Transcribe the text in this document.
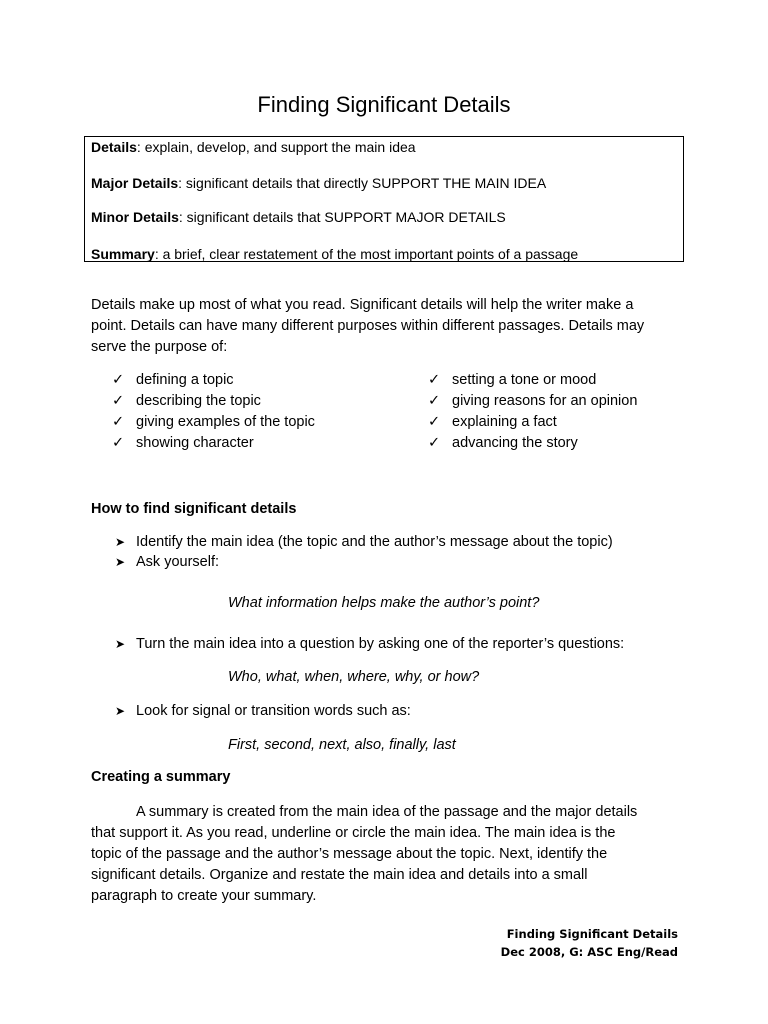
Finding Significant Details
Details: explain, develop, and support the main idea
Major Details: significant details that directly SUPPORT THE MAIN IDEA
Minor Details: significant details that SUPPORT MAJOR DETAILS
Summary: a brief, clear restatement of the most important points of a passage
Details make up most of what you read. Significant details will help the writer make a
point. Details can have many different purposes within different passages. Details may
serve the purpose of:
✓ defining a topic
✓ describing the topic
✓ giving examples of the topic
✓ showing character
✓ setting a tone or mood
✓ giving reasons for an opinion
✓ explaining a fact
✓ advancing the story
How to find significant details
➤ Identify the main idea (the topic and the author’s message about the topic)
➤ Ask yourself:
What information helps make the author’s point?
➤ Turn the main idea into a question by asking one of the reporter’s questions:
Who, what, when, where, why, or how?
➤ Look for signal or transition words such as:
First, second, next, also, finally, last
Creating a summary
A summary is created from the main idea of the passage and the major details
that support it. As you read, underline or circle the main idea. The main idea is the
topic of the passage and the author’s message about the topic. Next, identify the
significant details. Organize and restate the main idea and details into a small
paragraph to create your summary.
Finding Significant Details
Dec 2008, G: ASC Eng/Read
